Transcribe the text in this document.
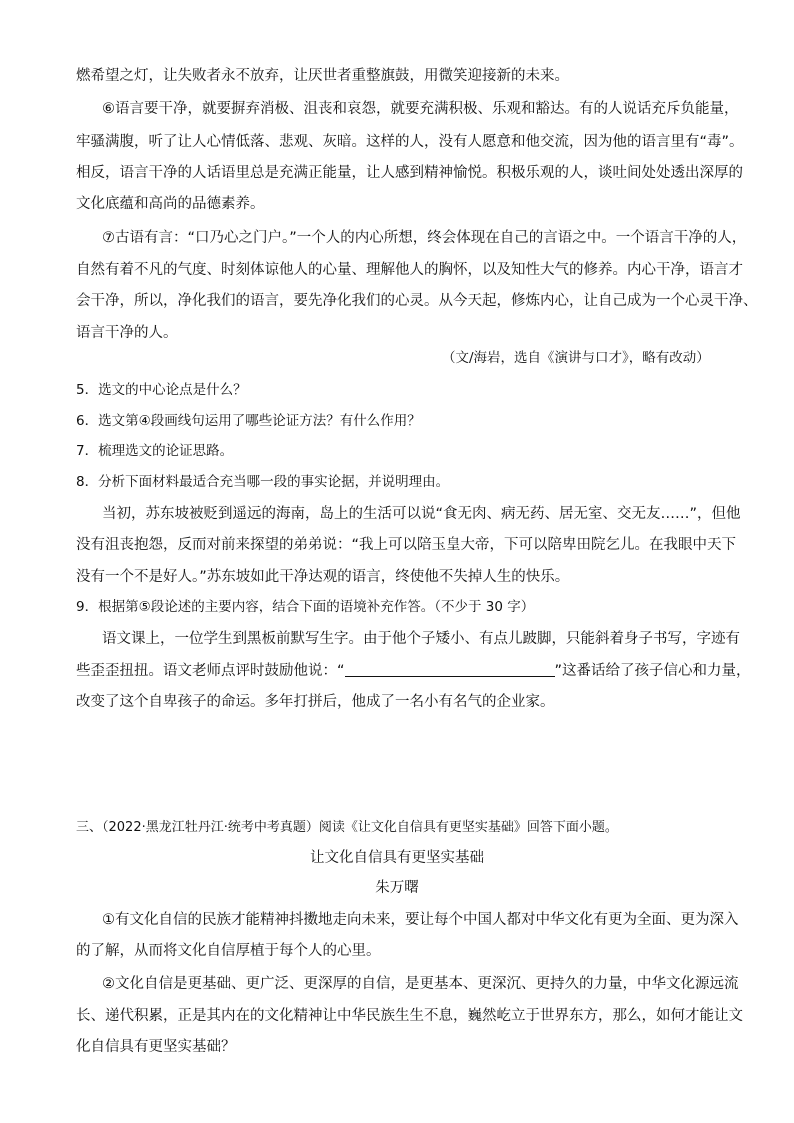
燃希望之灯，让失败者永不放弃，让厌世者重整旗鼓，用微笑迎接新的未来。
⑥语言要干净，就要摒弃消极、沮丧和哀怨，就要充满积极、乐观和豁达。有的人说话充斥负能量，
牢骚满腹，听了让人心情低落、悲观、灰暗。这样的人，没有人愿意和他交流，因为他的语言里有“毒”。
相反，语言干净的人话语里总是充满正能量，让人感到精神愉悦。积极乐观的人，谈吐间处处透出深厚的
文化底蕴和高尚的品德素养。
⑦古语有言：“口乃心之门户。”一个人的内心所想，终会体现在自己的言语之中。一个语言干净的人，
自然有着不凡的气度、时刻体谅他人的心量、理解他人的胸怀，以及知性大气的修养。内心干净，语言才
会干净，所以，净化我们的语言，要先净化我们的心灵。从今天起，修炼内心，让自己成为一个心灵干净、
语言干净的人。
（文/海岩，选自《演讲与口才》，略有改动）
5．选文的中心论点是什么？
6．选文第④段画线句运用了哪些论证方法？有什么作用？
7．梳理选文的论证思路。
8．分析下面材料最适合充当哪一段的事实论据，并说明理由。
当初，苏东坡被贬到遥远的海南，岛上的生活可以说“食无肉、病无药、居无室、交无友……”，但他
没有沮丧抱怨，反而对前来探望的弟弟说：“我上可以陪玉皇大帝，下可以陪卑田院乞儿。在我眼中天下
没有一个不是好人。”苏东坡如此干净达观的语言，终使他不失掉人生的快乐。
9．根据第⑤段论述的主要内容，结合下面的语境补充作答。（不少于 30 字）
语文课上，一位学生到黑板前默写生字。由于他个子矮小、有点儿跛脚，只能斜着身子书写，字迹有
些歪歪扭扭。语文老师点评时鼓励他说：“	”这番话给了孩子信心和力量，
改变了这个自卑孩子的命运。多年打拼后，他成了一名小有名气的企业家。
三、（2022·黑龙江牡丹江·统考中考真题）阅读《让文化自信具有更坚实基础》回答下面小题。
让文化自信具有更坚实基础
朱万曙
①有文化自信的民族才能精神抖擞地走向未来，要让每个中国人都对中华文化有更为全面、更为深入
的了解，从而将文化自信厚植于每个人的心里。
②文化自信是更基础、更广泛、更深厚的自信，是更基本、更深沉、更持久的力量，中华文化源远流
长、递代积累，正是其内在的文化精神让中华民族生生不息，巍然屹立于世界东方，那么，如何才能让文
化自信具有更坚实基础？
